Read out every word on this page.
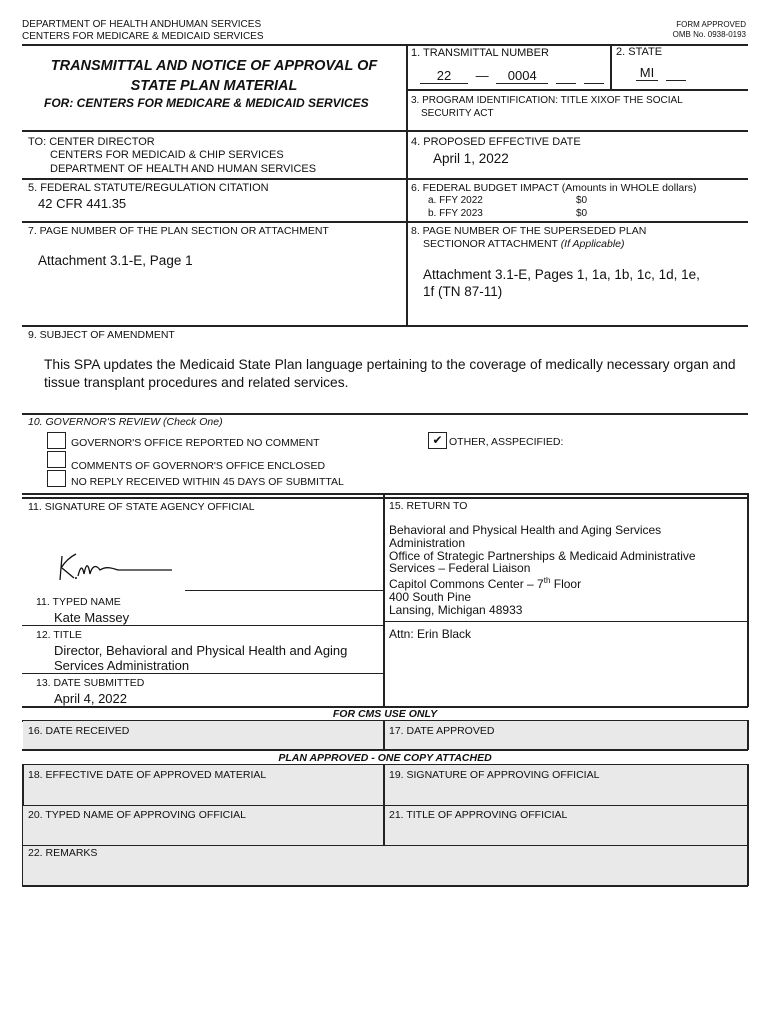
DEPARTMENT OF HEALTH ANDHUMAN SERVICES
CENTERS FOR MEDICARE & MEDICAID SERVICES
FORM APPROVED
OMB No. 0938-0193
TRANSMITTAL AND NOTICE OF APPROVAL OF
STATE PLAN MATERIAL
FOR: CENTERS FOR MEDICARE & MEDICAID SERVICES
1. TRANSMITTAL NUMBER
22 — 0004
2. STATE
MI
3. PROGRAM IDENTIFICATION: TITLE XIXOF THE SOCIAL
SECURITY ACT
TO: CENTER DIRECTOR
CENTERS FOR MEDICAID & CHIP SERVICES
DEPARTMENT OF HEALTH AND HUMAN SERVICES
4. PROPOSED EFFECTIVE DATE
April 1, 2022
5. FEDERAL STATUTE/REGULATION CITATION
42 CFR 441.35
6. FEDERAL BUDGET IMPACT (Amounts in WHOLE dollars)
a. FFY 2022	$0
b. FFY 2023	$0
7. PAGE NUMBER OF THE PLAN SECTION OR ATTACHMENT
Attachment 3.1-E, Page 1
8. PAGE NUMBER OF THE SUPERSEDED PLAN
SECTIONOR ATTACHMENT (If Applicable)
Attachment 3.1-E, Pages 1, 1a, 1b, 1c, 1d, 1e,
1f (TN 87-11)
9. SUBJECT OF AMENDMENT
This SPA updates the Medicaid State Plan language pertaining to the coverage of medically necessary organ and
tissue transplant procedures and related services.
10. GOVERNOR'S REVIEW (Check One)
GOVERNOR'S OFFICE REPORTED NO COMMENT
COMMENTS OF GOVERNOR'S OFFICE ENCLOSED
NO REPLY RECEIVED WITHIN 45 DAYS OF SUBMITTAL
✔ OTHER, ASSPECIFIED:
11. SIGNATURE OF STATE AGENCY OFFICIAL
11. TYPED NAME
Kate Massey
12. TITLE
Director, Behavioral and Physical Health and Aging
Services Administration
13. DATE SUBMITTED
April 4, 2022
15. RETURN TO
Behavioral and Physical Health and Aging Services
Administration
Office of Strategic Partnerships & Medicaid Administrative
Services – Federal Liaison
Capitol Commons Center – 7th Floor
400 South Pine
Lansing, Michigan 48933
Attn: Erin Black
FOR CMS USE ONLY
16. DATE RECEIVED	17. DATE APPROVED
PLAN APPROVED - ONE COPY ATTACHED
18. EFFECTIVE DATE OF APPROVED MATERIAL	19. SIGNATURE OF APPROVING OFFICIAL
20. TYPED NAME OF APPROVING OFFICIAL	21. TITLE OF APPROVING OFFICIAL
22. REMARKS
